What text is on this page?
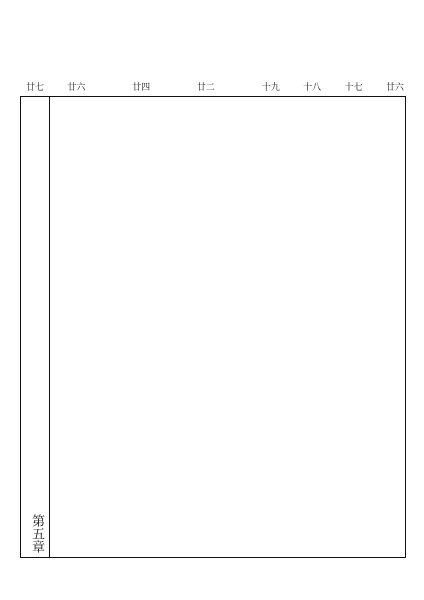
廿六
十七
十八
十九
廿二
廿四
廿六
廿七
第五章
